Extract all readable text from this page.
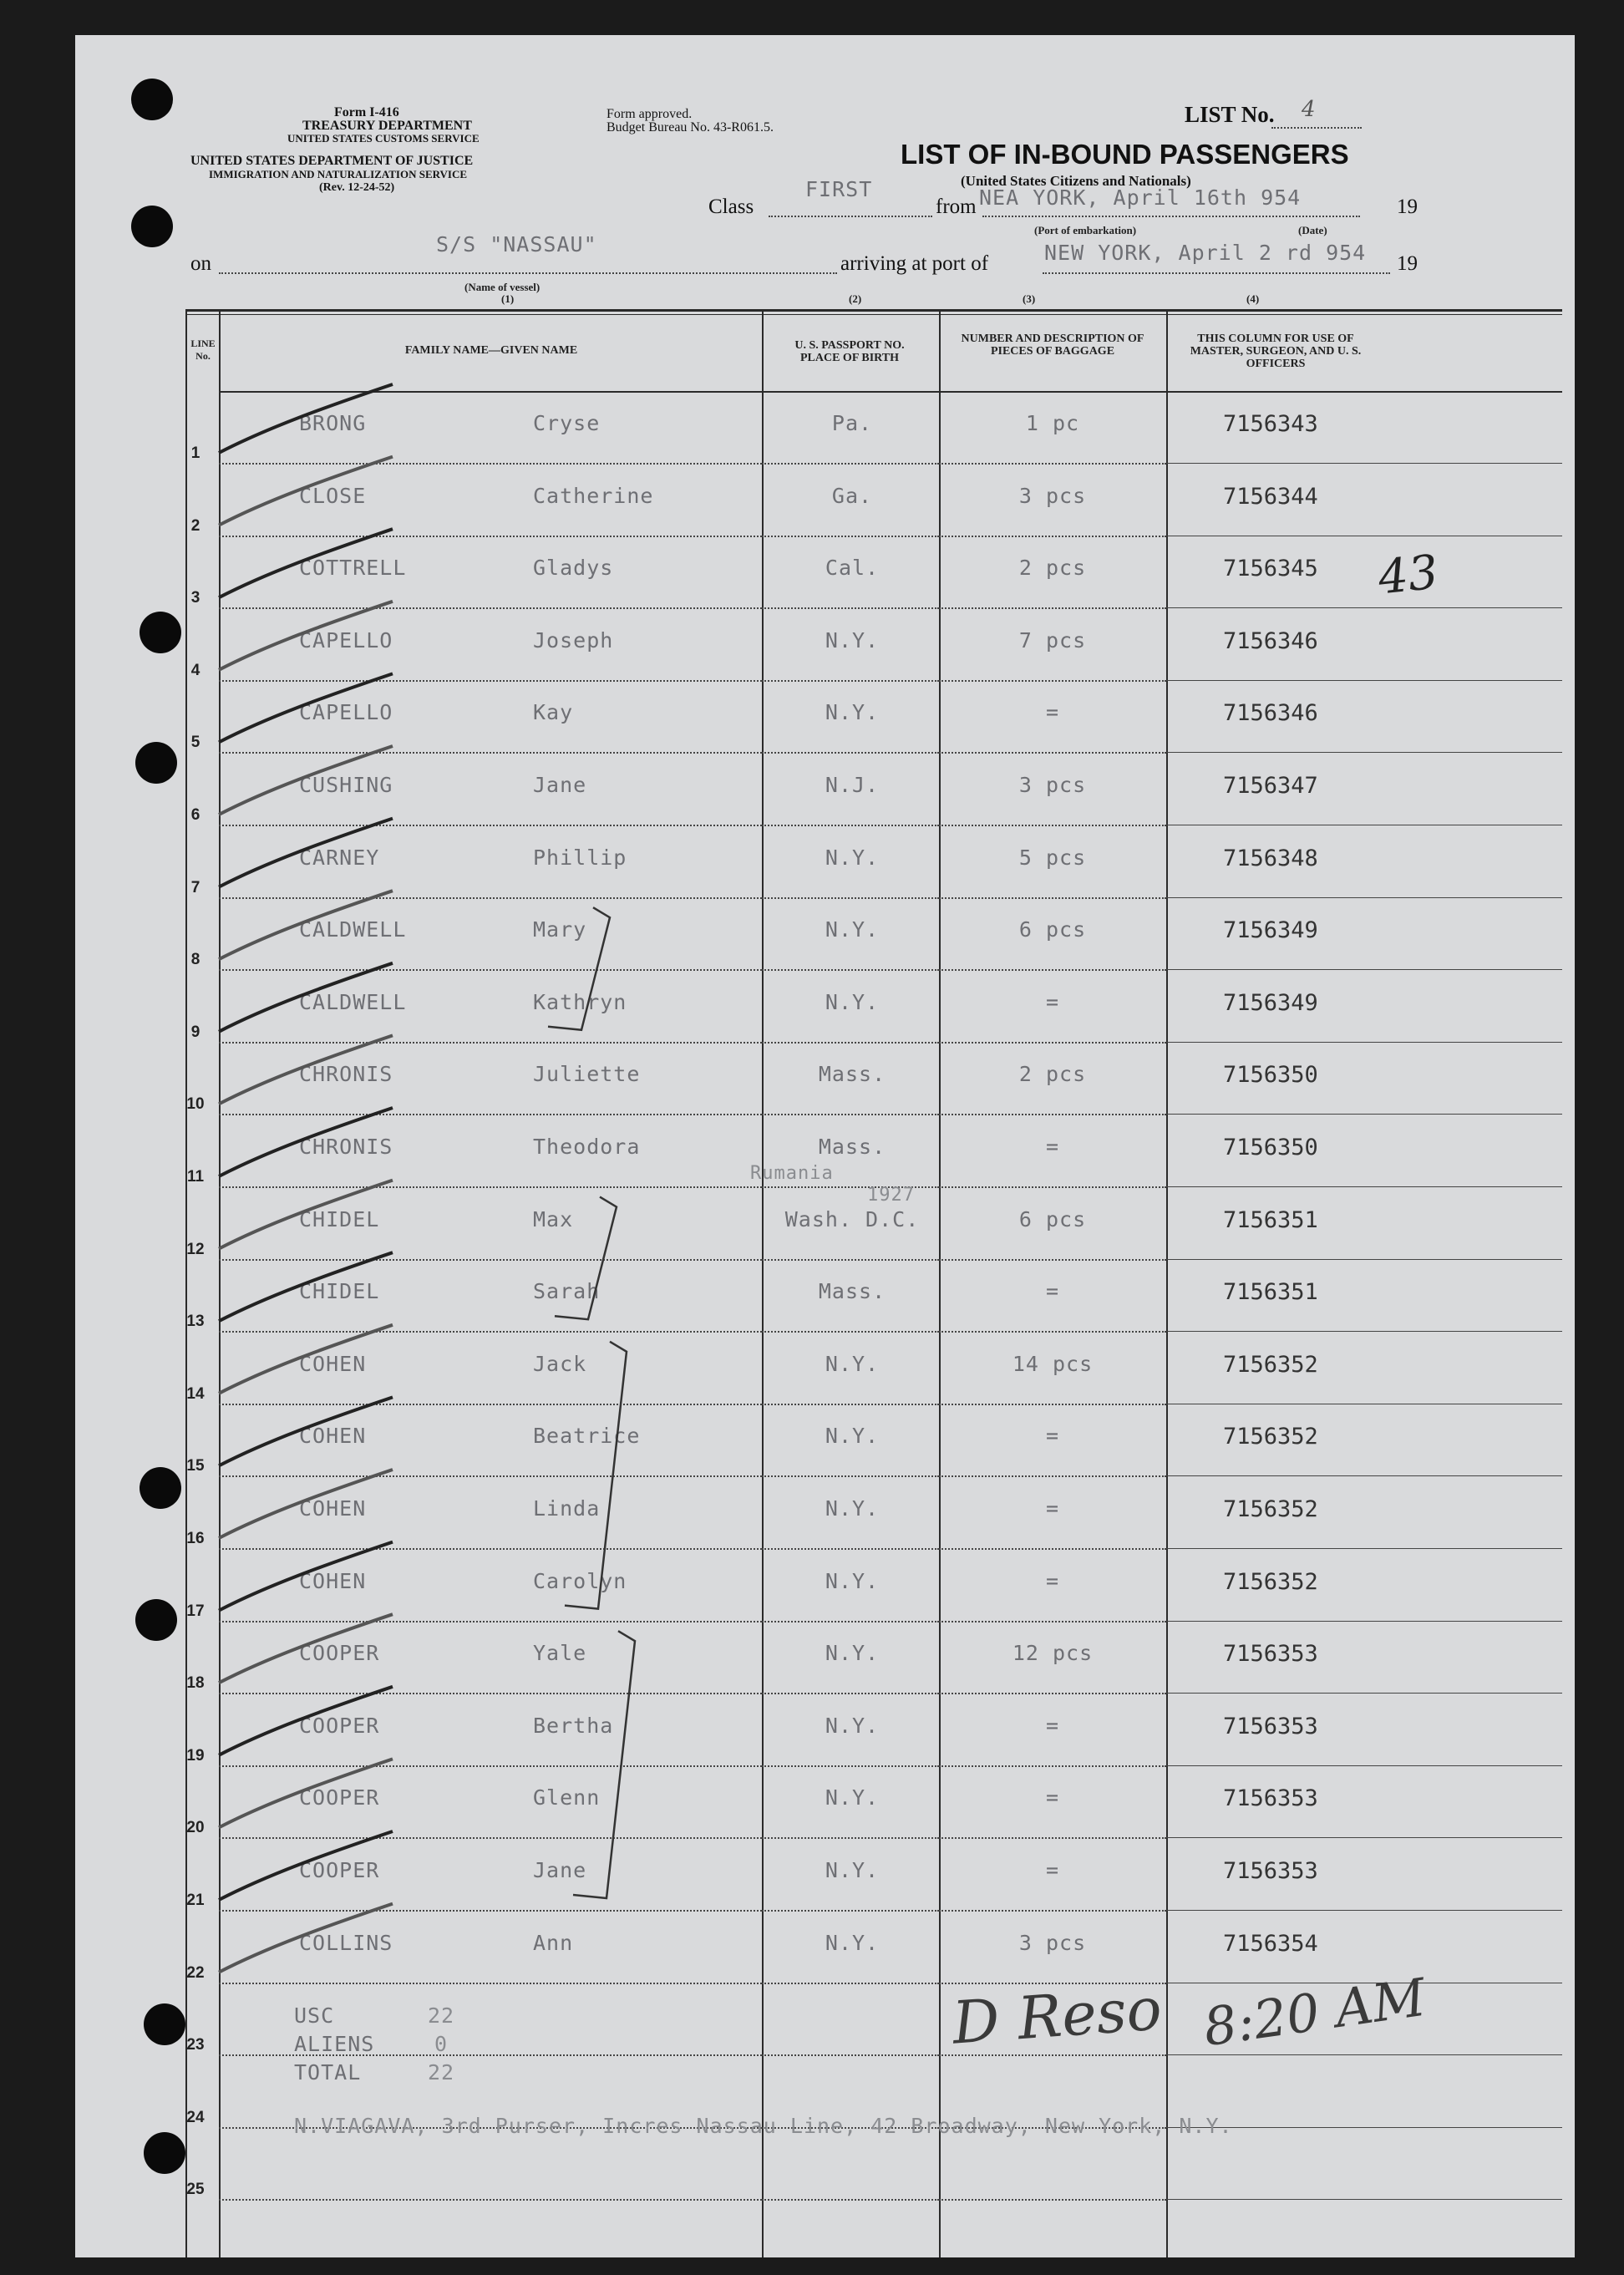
Form I-416
TREASURY DEPARTMENT
UNITED STATES CUSTOMS SERVICE
UNITED STATES DEPARTMENT OF JUSTICE
IMMIGRATION AND NATURALIZATION SERVICE
(Rev. 12-24-52)
Form approved.
Budget Bureau No. 43-R061.5.
LIST No. 4
LIST OF IN-BOUND PASSENGERS
(United States Citizens and Nationals)
Class
FIRST
from NEA YORK, April 16th 954	19
(Port of embarkation)	(Date)
on
S/S "NASSAU"
arriving at port of	NEW YORK, April 2 rd 954 19
(Name of vessel)
(1)	(2)	(3)	(4)
LINE No.	FAMILY NAME—GIVEN NAME	U. S. PASSPORT NO. PLACE OF BIRTH
NUMBER AND DESCRIPTION OF PIECES OF BAGGAGE
THIS COLUMN FOR USE OF MASTER, SURGEON, AND U. S. OFFICERS
1
BRONG	Cryse	Pa.	1 pc	7156343
2
CLOSE	Catherine	Ga.	3 pcs	7156344
3
COTTRELL	Gladys	Cal.	2 pcs	7156345
4
CAPELLO	Joseph	N.Y.	7 pcs	7156346
5
CAPELLO	Kay	N.Y.	=	7156346
6
CUSHING	Jane	N.J.	3 pcs	7156347
7
CARNEY	Phillip	N.Y.	5 pcs	7156348
8
CALDWELL	Mary	N.Y.	6 pcs	7156349
9
CALDWELL	Kathryn	N.Y.	=	7156349
10
CHRONIS	Juliette	Mass.	2 pcs	7156350
11
CHRONIS	Theodora	Mass.	=	7156350
12
CHIDEL	Max	Wash. D.C.	6 pcs	7156351
13
CHIDEL	Sarah	Mass.	=	7156351
14
COHEN	Jack	N.Y.	14 pcs	7156352
15
COHEN	Beatrice	N.Y.	=	7156352
16
COHEN	Linda	N.Y.	=	7156352
17
COHEN	Carolyn	N.Y.	=	7156352
18
COOPER	Yale	N.Y.	12 pcs	7156353
19
COOPER	Bertha	N.Y.	=	7156353
20
COOPER	Glenn	N.Y.	=	7156353
21
COOPER	Jane	N.Y.	=	7156353
22
COLLINS	Ann	N.Y.	3 pcs	7156354
23
24
25
Rumania
1927
USC	22
ALIENS	0
TOTAL	22
N.VIAGAVA, 3rd Purser, Incres Nassau Line, 42 Broadway, New York, N.Y.
43
D Reso 8:20 AM
